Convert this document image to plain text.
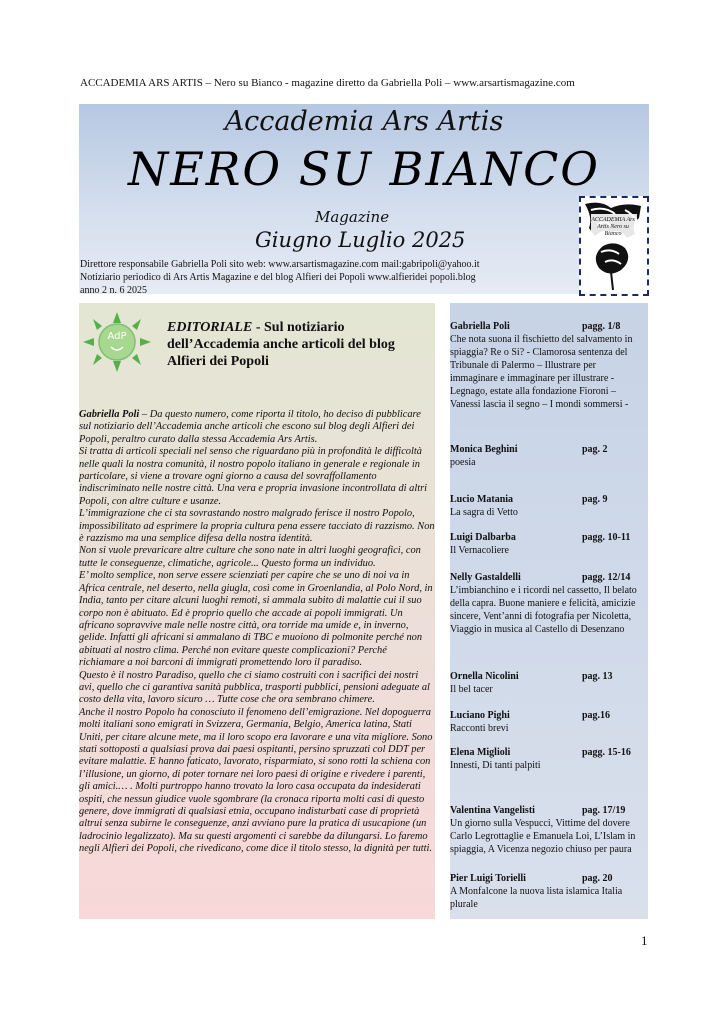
ACCADEMIA ARS ARTIS – Nero su Bianco - magazine diretto da Gabriella Poli – www.arsartismagazine.com
Accademia Ars Artis
NERO SU BIANCO
Magazine
Giugno Luglio 2025
Direttore responsabile Gabriella Poli sito web: www.arsartismagazine.com mail:gabripoli@yahoo.it
Notiziario periodico di Ars Artis Magazine e del blog Alfieri dei Popoli www.alfieridei popoli.blog
anno 2 n. 6 2025
ACCADEMIA Ars Artis Nero su Bianco
AdP
EDITORIALE - Sul notiziario dell’Accademia anche articoli del blog Alfieri dei Popoli

Gabriella Poli – Da questo numero, come riporta il titolo, ho deciso di pubblicare sul notiziario dell’Accademia anche articoli che escono sul blog degli Alfieri dei Popoli, peraltro curato dalla stessa Accademia Ars Artis.

Si tratta di articoli speciali nel senso che riguardano più in profondità le difficoltà nelle quali la nostra comunità, il nostro popolo italiano in generale e regionale in particolare, si viene a trovare ogni giorno a causa del sovraffollamento indiscriminato nelle nostre città. Una vera e propria invasione incontrollata di altri Popoli, con altre culture e usanze.

L’immigrazione che ci sta sovrastando nostro malgrado ferisce il nostro Popolo, impossibilitato ad esprimere la propria cultura pena essere tacciato di razzismo. Non è razzismo ma una semplice difesa della nostra identità.

Non si vuole prevaricare altre culture che sono nate in altri luoghi geografici, con tutte le conseguenze, climatiche, agricole... Questo forma un individuo.

E’ molto semplice, non serve essere scienziati per capire che se uno di noi va in Africa centrale, nel deserto, nella giugla, così come in Groenlandia, al Polo Nord, in India, tanto per citare alcuni luoghi remoti, si ammala subito di malattie cui il suo corpo non è abituato. Ed è proprio quello che accade ai popoli immigrati. Un africano sopravvive male nelle nostre città, ora torride ma umide e, in inverno, gelide. Infatti gli africani si ammalano di TBC e muoiono di polmonite perché non abituati al nostro clima. Perché non evitare queste complicazioni? Perché richiamare a noi barconi di immigrati promettendo loro il paradiso.

Questo è il nostro Paradiso, quello che ci siamo costruiti con i sacrifici dei nostri avi, quello che ci garantiva sanità pubblica, trasporti pubblici, pensioni adeguate al costo della vita, lavoro sicuro … Tutte cose che ora sembrano chimere.

Anche il nostro Popolo ha conosciuto il fenomeno dell’emigrazione. Nel dopoguerra molti italiani sono emigrati in Svizzera, Germania, Belgio, America latina, Stati Uniti, per citare alcune mete, ma il loro scopo era lavorare e una vita migliore. Sono stati sottoposti a qualsiasi prova dai paesi ospitanti, persino spruzzati col DDT per evitare malattie. E hanno faticato, lavorato, risparmiato, si sono rotti la schiena con l’illusione, un giorno, di poter tornare nei loro paesi di origine e rivedere i parenti, gli amici.… . Molti purtroppo hanno trovato la loro casa occupata da indesiderati ospiti, che nessun giudice vuole sgombrare (la cronaca riporta molti casi di questo genere, dove immigrati di qualsiasi etnia, occupano indisturbati case di proprietà altrui senza subirne le conseguenze, anzi avviano pure la pratica di usucapione (un ladrocinio legalizzato). Ma su questi argomenti ci sarebbe da dilungarsi. Lo faremo negli Alfieri dei Popoli, che rivedicano, come dice il titolo stesso, la dignità per tutti.

Gabriella Poli	pagg. 1/8
Che nota suona il fischietto del salvamento in spiaggia? Re o Si? - Clamorosa sentenza del Tribunale di Palermo – Illustrare per immaginare e immaginare per illustrare - Legnago, estate alla fondazione Fioroni – Vanessi lascia il segno – I mondi sommersi -
Monica Beghini	pag. 2
poesia
Lucio Matania	pag. 9
La sagra di Vetto
Luigi Dalbarba	pagg. 10-11
Il Vernacoliere
Nelly Gastaldelli	pagg. 12/14
L’imbianchino e i ricordi nel cassetto, Il belato della capra. Buone maniere e felicità, amicizie sincere, Vent’anni di fotografia per Nicoletta, Viaggio in musica al Castello di Desenzano
Ornella Nicolini	pag. 13
Il bel tacer
Luciano Pighi	pag.16
Racconti brevi
Elena Miglioli	pagg. 15-16
Innesti, Di tanti palpiti
Valentina Vangelisti	pag. 17/19
Un giorno sulla Vespucci, Vittime del dovere Carlo Legrottaglie e Emanuela Loi, L’Islam in spiaggia, A Vicenza negozio chiuso per paura
Pier Luigi Torielli	pag. 20
A Monfalcone la nuova lista islamica Italia plurale
1
